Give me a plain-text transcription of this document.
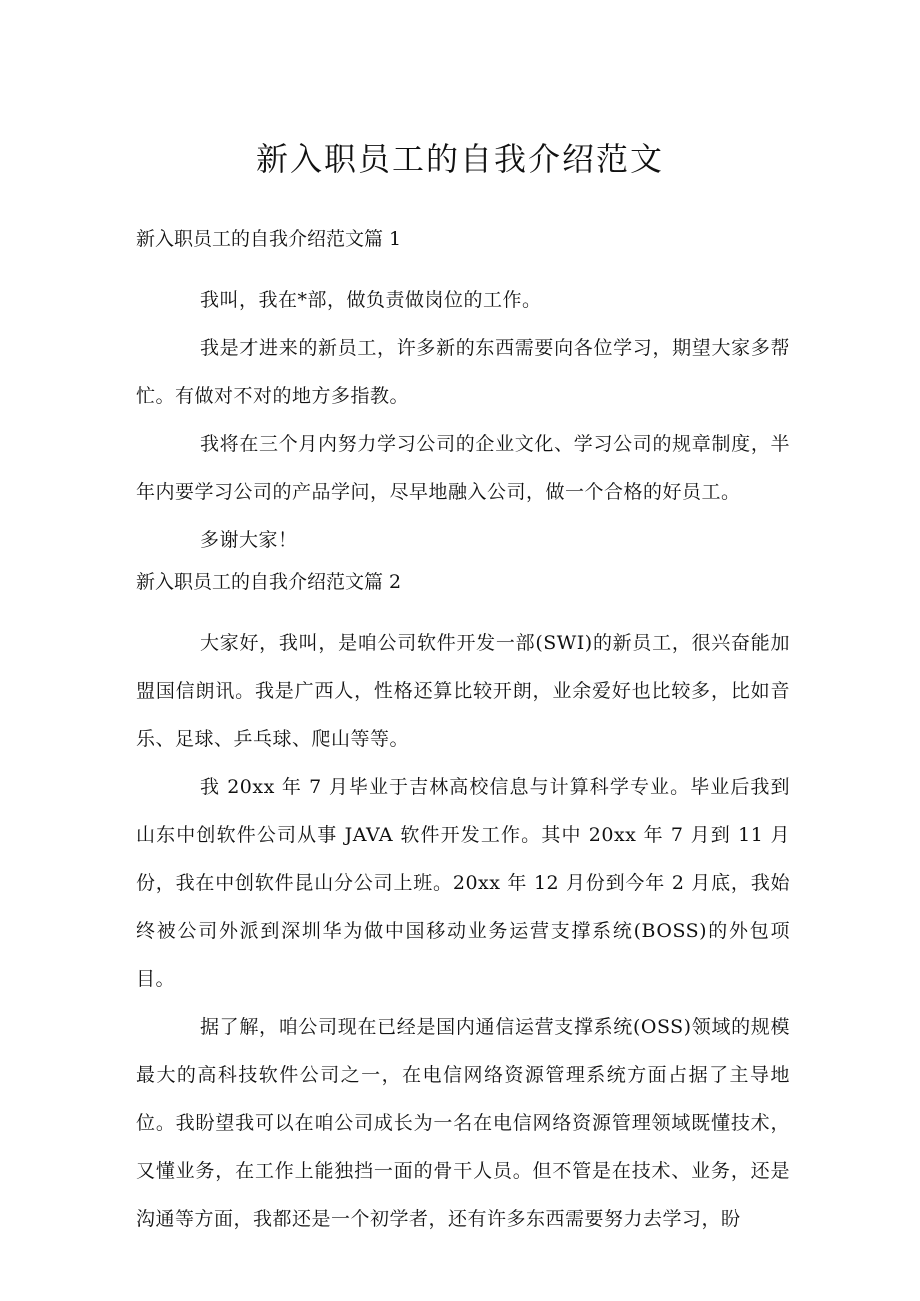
新入职员工的自我介绍范文

新入职员工的自我介绍范文篇 1

我叫，我在*部，做负责做岗位的工作。

我是才进来的新员工，许多新的东西需要向各位学习，期望大家多帮忙。有做对不对的地方多指教。

我将在三个月内努力学习公司的企业文化、学习公司的规章制度，半年内要学习公司的产品学问，尽早地融入公司，做一个合格的好员工。

多谢大家！

新入职员工的自我介绍范文篇 2

大家好，我叫，是咱公司软件开发一部(SWI)的新员工，很兴奋能加盟国信朗讯。我是广西人，性格还算比较开朗，业余爱好也比较多，比如音乐、足球、乒乓球、爬山等等。

我 20xx 年 7 月毕业于吉林高校信息与计算科学专业。毕业后我到山东中创软件公司从事 JAVA 软件开发工作。其中 20xx 年 7 月到 11 月份，我在中创软件昆山分公司上班。20xx 年 12 月份到今年 2 月底，我始终被公司外派到深圳华为做中国移动业务运营支撑系统(BOSS)的外包项目。

据了解，咱公司现在已经是国内通信运营支撑系统(OSS)领域的规模最大的高科技软件公司之一，在电信网络资源管理系统方面占据了主导地位。我盼望我可以在咱公司成长为一名在电信网络资源管理领域既懂技术，又懂业务，在工作上能独挡一面的骨干人员。但不管是在技术、业务，还是沟通等方面，我都还是一个初学者，还有许多东西需要努力去学习，盼
